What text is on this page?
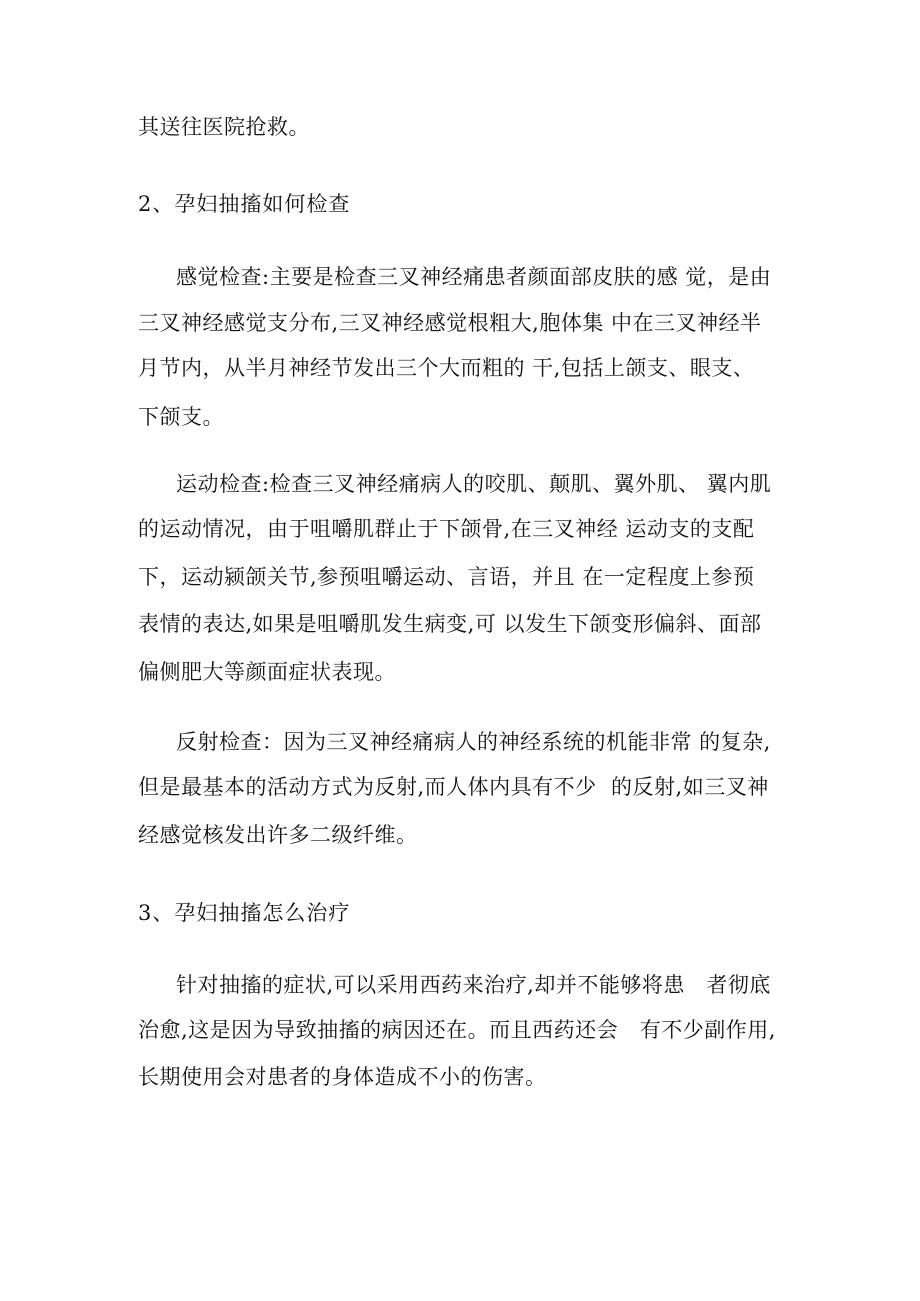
其送往医院抢救。
2、孕妇抽搐如何检查
感觉检查:主要是检查三叉神经痛患者颜面部皮肤的感 觉，是由
三叉神经感觉支分布,三叉神经感觉根粗大,胞体集 中在三叉神经半
月节内，从半月神经节发出三个大而粗的 干,包括上颌支、眼支、
下颌支。
运动检查:检查三叉神经痛病人的咬肌、颠肌、翼外肌、 翼内肌
的运动情况，由于咀嚼肌群止于下颌骨,在三叉神经 运动支的支配
下，运动颍颌关节,参预咀嚼运动、言语，并且 在一定程度上参预
表情的表达,如果是咀嚼肌发生病变,可 以发生下颌变形偏斜、面部
偏侧肥大等颜面症状表现。
反射检查：因为三叉神经痛病人的神经系统的机能非常 的复杂,
但是最基本的活动方式为反射,而人体内具有不少  的反射,如三叉神
经感觉核发出许多二级纤维。
3、孕妇抽搐怎么治疗
针对抽搐的症状,可以采用西药来治疗,却并不能够将患   者彻底
治愈,这是因为导致抽搐的病因还在。而且西药还会   有不少副作用,
长期使用会对患者的身体造成不小的伤害。
